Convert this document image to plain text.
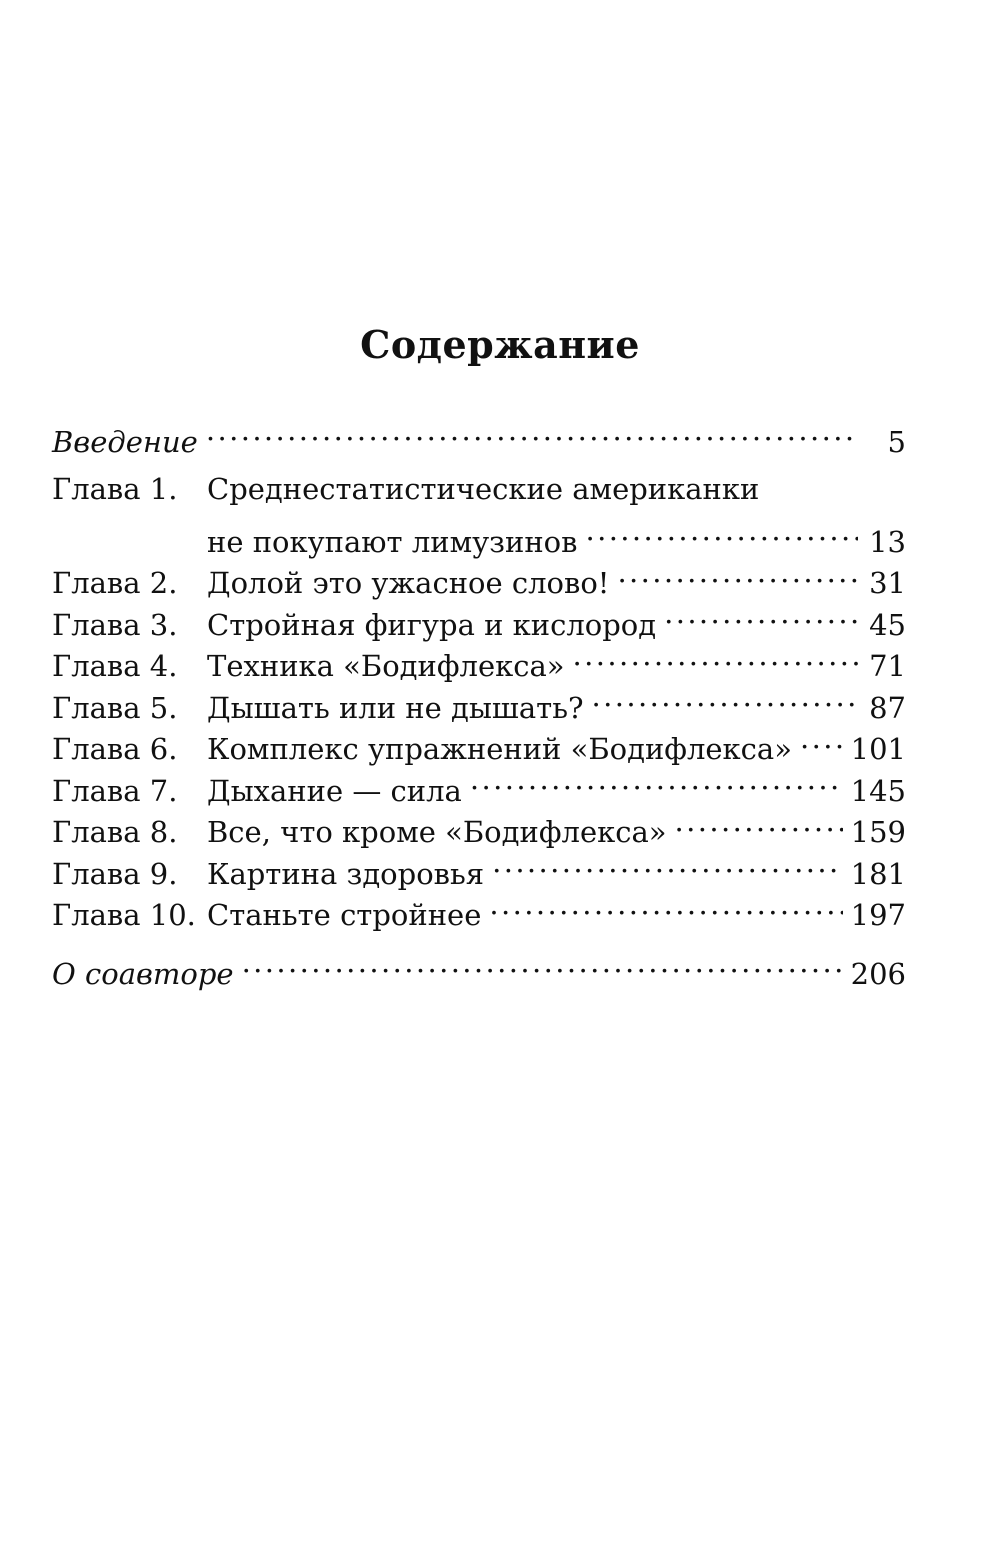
Содержание
Введение .....	5
Глава 1.	Среднестатистические американки
не покупают лимузинов .....	13
Глава 2.	Долой это ужасное слово! .....	31
Глава 3.	Стройная фигура и кислород .....	45
Глава 4.	Техника «Бодифлекса» .....	71
Глава 5.	Дышать или не дышать? .....	87
Глава 6.	Комплекс упражнений «Бодифлекса» ..... 101
Глава 7.	Дыхание — сила .....	145
Глава 8.	Все, что кроме «Бодифлекса» .....	159
Глава 9.	Картина здоровья .....	181
Глава 10. Станьте стройнее .....	197
О соавторе .....	206
